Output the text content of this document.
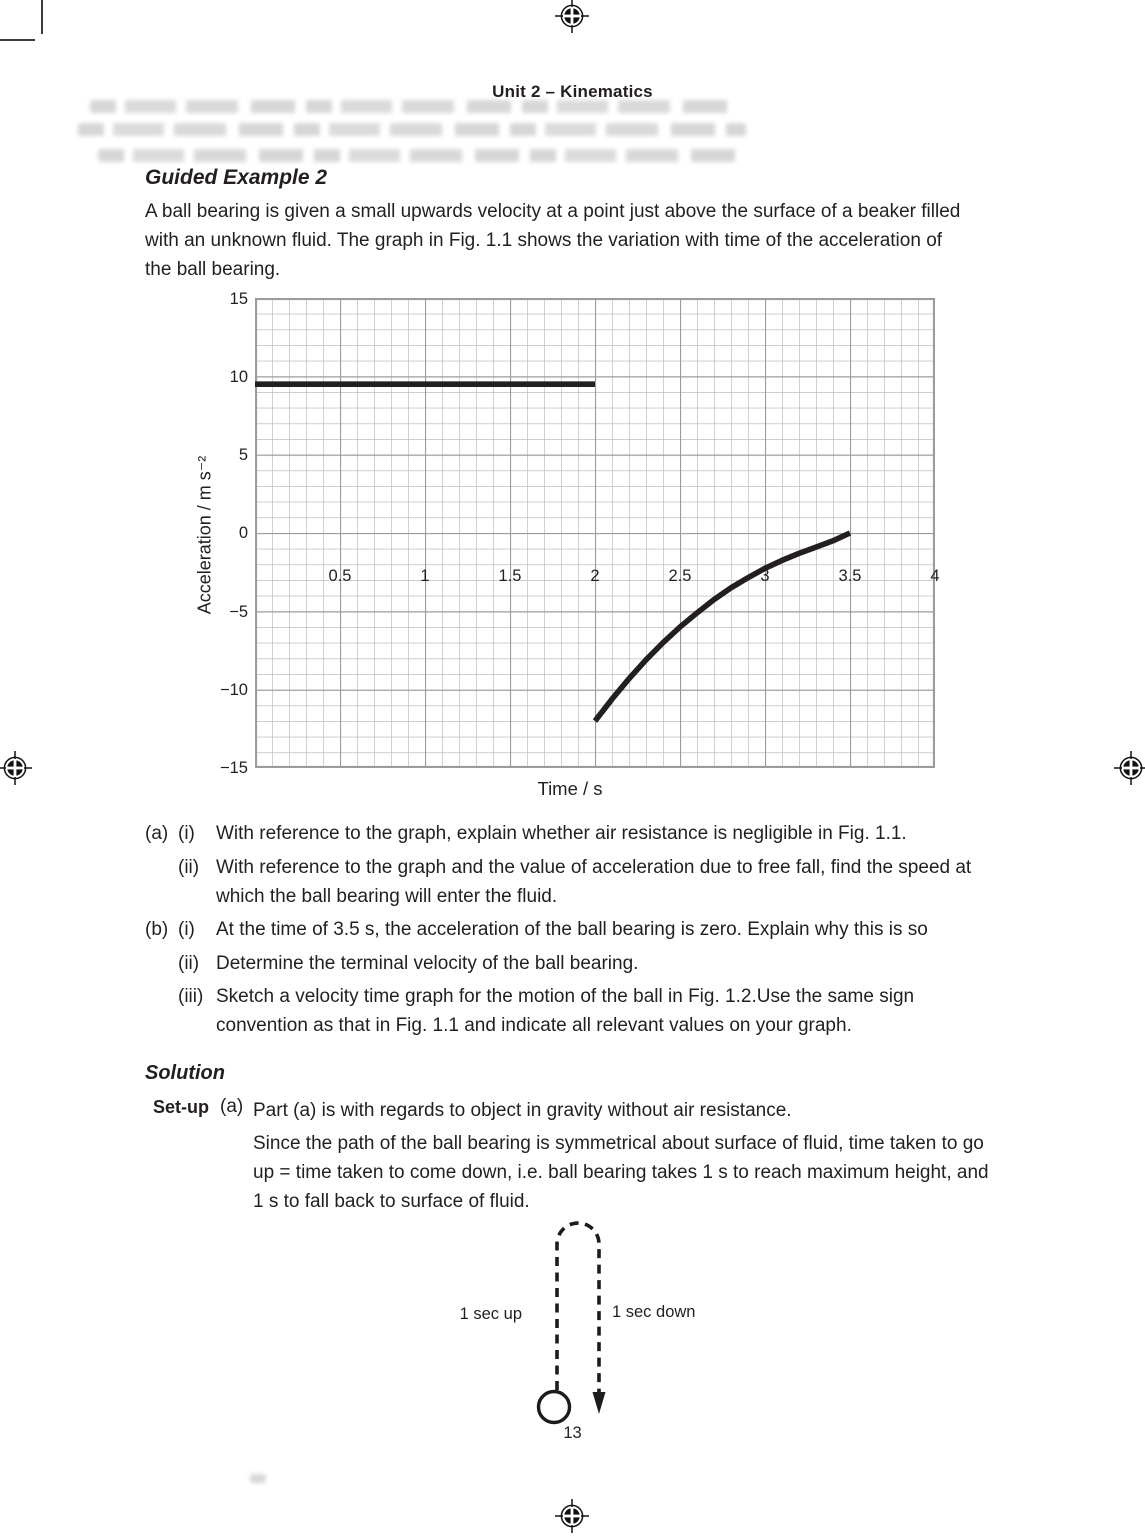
Unit 2 – Kinematics
Guided Example 2
A ball bearing is given a small upwards velocity at a point just above the surface of a beaker filled with an unknown fluid. The graph in Fig. 1.1 shows the variation with time of the acceleration of the ball bearing.
15
10
5
0
−5
−10
−15
0.5	1	1.5	2	2.5	3	3.5	4
Acceleration / m s⁻²
Time / s
(a) (i)	With reference to the graph, explain whether air resistance is negligible in Fig. 1.1.
(ii) With reference to the graph and the value of acceleration due to free fall, find the speed at which the ball bearing will enter the fluid.
(b) (i)	At the time of 3.5 s, the acceleration of the ball bearing is zero. Explain why this is so
(ii) Determine the terminal velocity of the ball bearing.
(iii) Sketch a velocity time graph for the motion of the ball in Fig. 1.2.Use the same sign convention as that in Fig. 1.1 and indicate all relevant values on your graph.
Solution
Set-up (a) Part (a) is with regards to object in gravity without air resistance.
Since the path of the ball bearing is symmetrical about surface of fluid, time taken to go up = time taken to come down, i.e. ball bearing takes 1 s to reach maximum height, and 1 s to fall back to surface of fluid.
1 sec up	1 sec down
13
